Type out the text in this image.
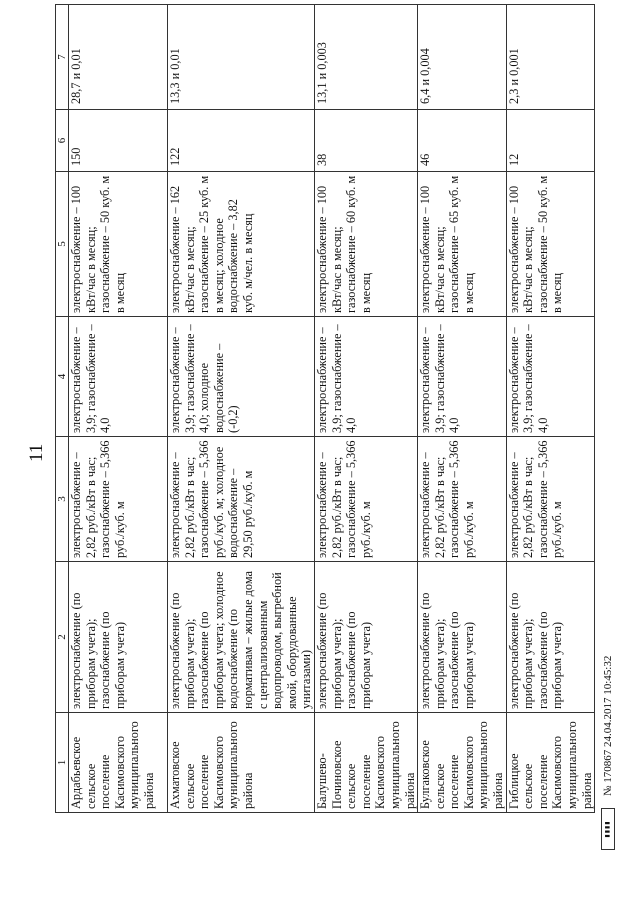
11
1	2	3	4	5	6	7
Ардабьевское сельское поселение Касимовского муниципального района	электроснабжение (по приборам учета); газоснабжение (по приборам учета)	электроснабжение – 2,82 руб./кВт в час; газоснабжение – 5,366 руб./куб. м	электроснабжение – 3,9; газоснабжение – 4,0	электроснабжение – 100 кВт/час в месяц; газоснабжение – 50 куб. м в месяц	150	28,7 и 0,01
Ахматовское сельское поселение Касимовского муниципального района	электроснабжение (по приборам учета); газоснабжение (по приборам учета; холодное водоснабжение (по нормативам – жилые дома с централизованным водопроводом, выгребной ямой, оборудованные унитазами)	электроснабжение – 2,82 руб./кВт в час; газоснабжение – 5,366 руб./куб. м; холодное водоснабжение – 29,50 руб./куб. м	электроснабжение – 3,9; газоснабжение – 4,0; холодное водоснабжение – (-0,2)	электроснабжение – 162 кВт/час в месяц; газоснабжение – 25 куб. м в месяц; холодное водоснабжение – 3,82 куб. м/чел. в месяц	122	13,3 и 0,01
Балушево-Починовское сельское поселение Касимовского муниципального района	электроснабжение (по приборам учета); газоснабжение (по приборам учета)	электроснабжение – 2,82 руб./кВт в час; газоснабжение – 5,366 руб./куб. м	электроснабжение – 3,9; газоснабжение – 4,0	электроснабжение – 100 кВт/час в месяц; газоснабжение – 60 куб. м в месяц	38	13,1 и 0,003
Булгаковское сельское поселение Касимовского муниципального района	электроснабжение (по приборам учета); газоснабжение (по приборам учета)	электроснабжение – 2,82 руб./кВт в час; газоснабжение – 5,366 руб./куб. м	электроснабжение – 3,9; газоснабжение – 4,0	электроснабжение – 100 кВт/час в месяц; газоснабжение – 65 куб. м в месяц	46	6,4 и 0,004
Гиблицкое сельское поселение Касимовского муниципального района	электроснабжение (по приборам учета); газоснабжение (по приборам учета)	электроснабжение – 2,82 руб./кВт в час; газоснабжение – 5,366 руб./куб. м	электроснабжение – 3,9; газоснабжение – 4,0	электроснабжение – 100 кВт/час в месяц; газоснабжение – 50 куб. м в месяц	12	2,3 и 0,001
▮▮▮▮
№ 170867 24.04.2017 10:45:32
